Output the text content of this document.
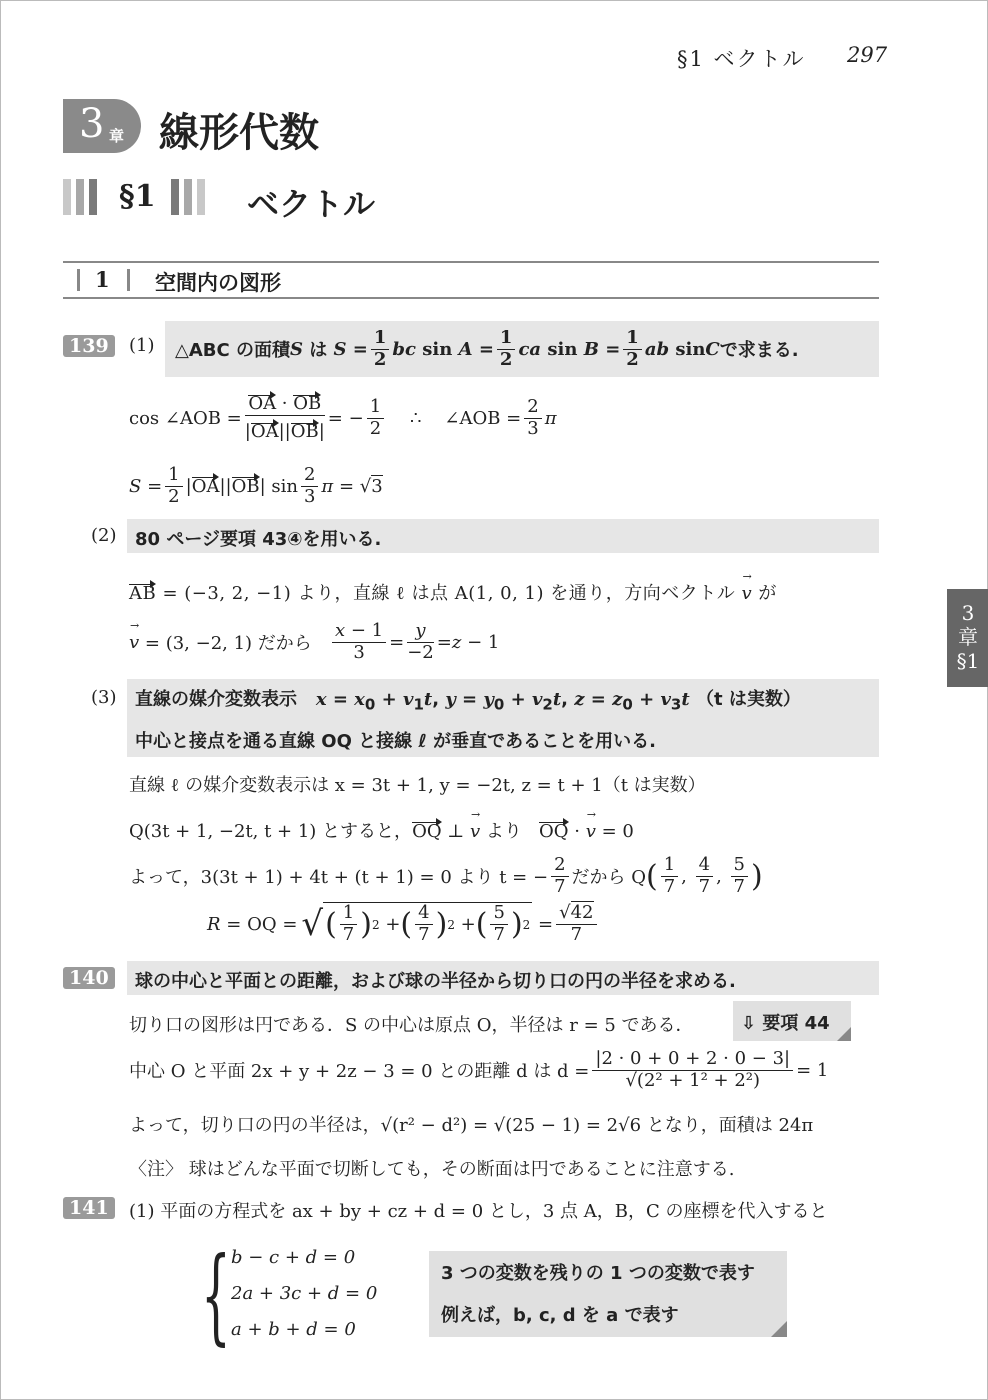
§1 ベクトル 297
3 章 線形代数
§1	ベクトル
1 空間内の図形
3
章
§1
139	(1) △ABC の面積 S は $S = \frac{1}{2}$ bc
sin
$A = \frac{1}{2}$ ca
sin
$B = \frac{1}{2}$ ab
sin C で求まる.
cos ∠AOB = $\frac{OA \cdot OB}{|OA||OB|}$ = − $\frac{1}{2}$ ∴    ∠AOB = $\frac{2}{3}$ π
$S = \frac{1}{2}$ | OA || OB | $\sin \frac{2}{3}$ π = √ 3
(2) 80 ページ要項 43④を用いる.
AB = (−3, 2, −1) より，直線 ℓ は点 A(1, 0, 1) を通り，方向ベクトル v → が
v →
= (3, −2, 1) だから
$\frac{x - 1}{3} = \frac{y}{-2} = z - 1$
(3) 直線の媒介変数表示 $x = x_0 + v_1t$, $y = y_0 + v_2t$, $z = z_0 + v_3t$ （t は実数）
中心と接点を通る直線 OQ と接線 ℓ が垂直であることを用いる.
直線 ℓ の媒介変数表示は x = 3t + 1, y = −2t, z = t + 1（t は実数）
Q(3t + 1, −2t, t + 1) とすると，OQ ⊥ v → より OQ · v → = 0
よって，3(3t + 1) + 4t + (t + 1) = 0 より t = − $\frac{2}{7}$ だから Q ( $\frac{1}{7}$ , $\frac{4}{7}$ , $\frac{5}{7}$ )
R = OQ = √ ( $\frac{1}{7}$ ) 2 + ( $\frac{4}{7}$ ) 2 + ( $\frac{5}{7}$ ) $2 = \frac{√42}{7}$
140	球の中心と平面との距離，および球の半径から切り口の円の半径を求める.
切り口の図形は円である．S の中心は原点 O，半径は r = 5 である．	⇩ 要項 44
中心 O と平面 2x + y + 2z − 3 = 0 との距離 d は $d = \frac{|2 \cdot 0 + 0 + 2 \cdot 0 - 3|}{\text{√(2² + 1² + 2²)}} = 1$
よって，切り口の円の半径は，√(r² − d²) = √(25 − 1) = 2√6 となり，面積は 24π
〈注〉 球はどんな平面で切断しても，その断面は円であることに注意する.
141	(1) 平面の方程式を ax + by + cz + d = 0 とし，3 点 A，B，C の座標を代入すると
{ b − c + d = 0
2a + 3c + d = 0
a + b + d = 0
3 つの変数を残りの 1 つの変数で表す
例えば，b, c, d を a で表す
